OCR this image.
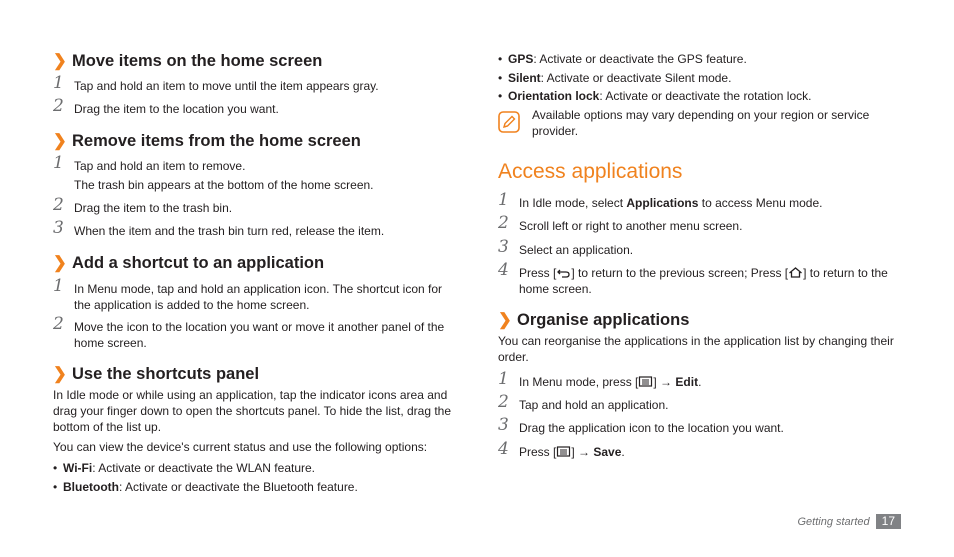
❯ Move items on the home screen
1 Tap and hold an item to move until the item appears gray.
2 Drag the item to the location you want.
❯ Remove items from the home screen
1 Tap and hold an item to remove.
The trash bin appears at the bottom of the home screen.
2 Drag the item to the trash bin.
3 When the item and the trash bin turn red, release the item.
❯ Add a shortcut to an application
1 In Menu mode, tap and hold an application icon. The shortcut icon for the application is added to the home screen.
2 Move the icon to the location you want or move it another panel of the home screen.
❯ Use the shortcuts panel
In Idle mode or while using an application, tap the indicator icons area and drag your finger down to open the shortcuts panel. To hide the list, drag the bottom of the list up.
You can view the device's current status and use the following options:
• Wi-Fi: Activate or deactivate the WLAN feature.
• Bluetooth: Activate or deactivate the Bluetooth feature.
• GPS: Activate or deactivate the GPS feature.
• Silent: Activate or deactivate Silent mode.
• Orientation lock: Activate or deactivate the rotation lock.
Available options may vary depending on your region or service provider.
Access applications
1 In Idle mode, select Applications to access Menu mode.
2 Scroll left or right to another menu screen.
3 Select an application.
4 Press [ ] to return to the previous screen; Press [ ] to return to the home screen.
❯ Organise applications
You can reorganise the applications in the application list by changing their order.
1 In Menu mode, press [ ] → Edit.
2 Tap and hold an application.
3 Drag the application icon to the location you want.
4 Press [ ] → Save.
Getting started 17
